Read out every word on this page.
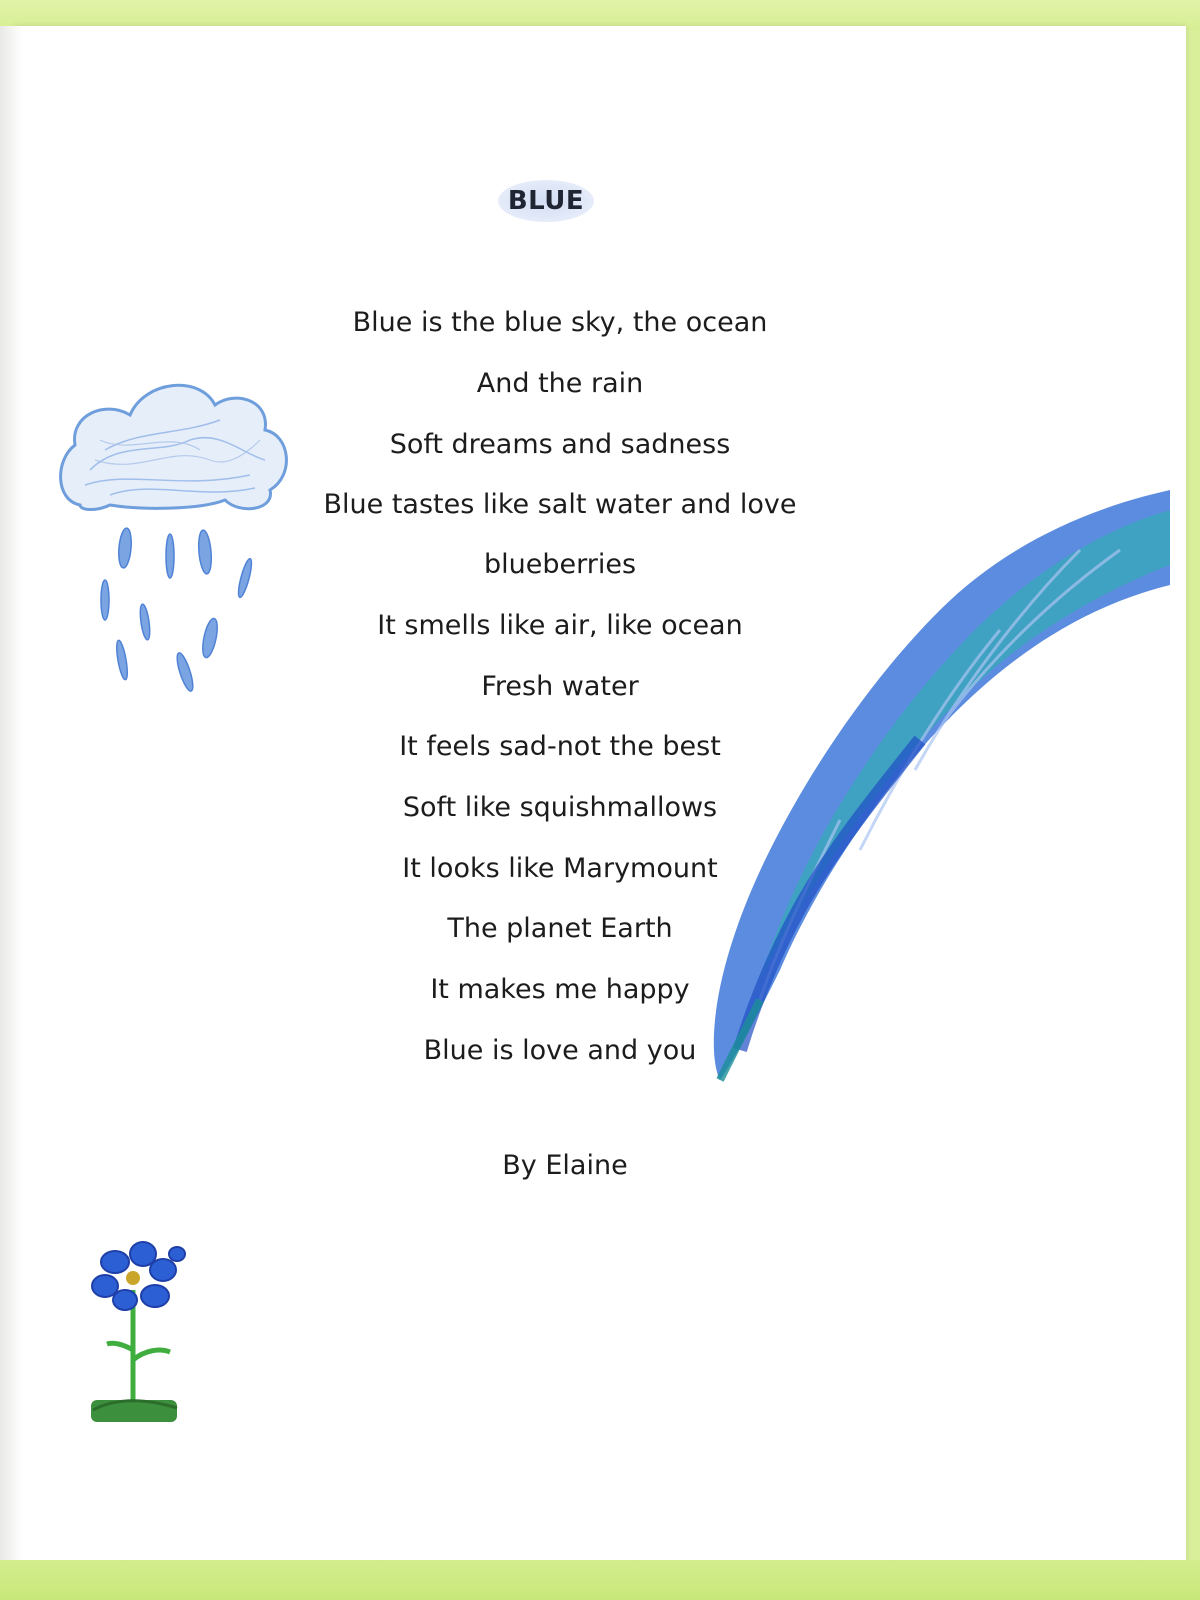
BLUE
Blue is the blue sky, the ocean
And the rain
Soft dreams and sadness
Blue tastes like salt water and love
blueberries
It smells like air, like ocean
Fresh water
It feels sad-not the best
Soft like squishmallows
It looks like Marymount
The planet Earth
It makes me happy
Blue is love and you
By Elaine
